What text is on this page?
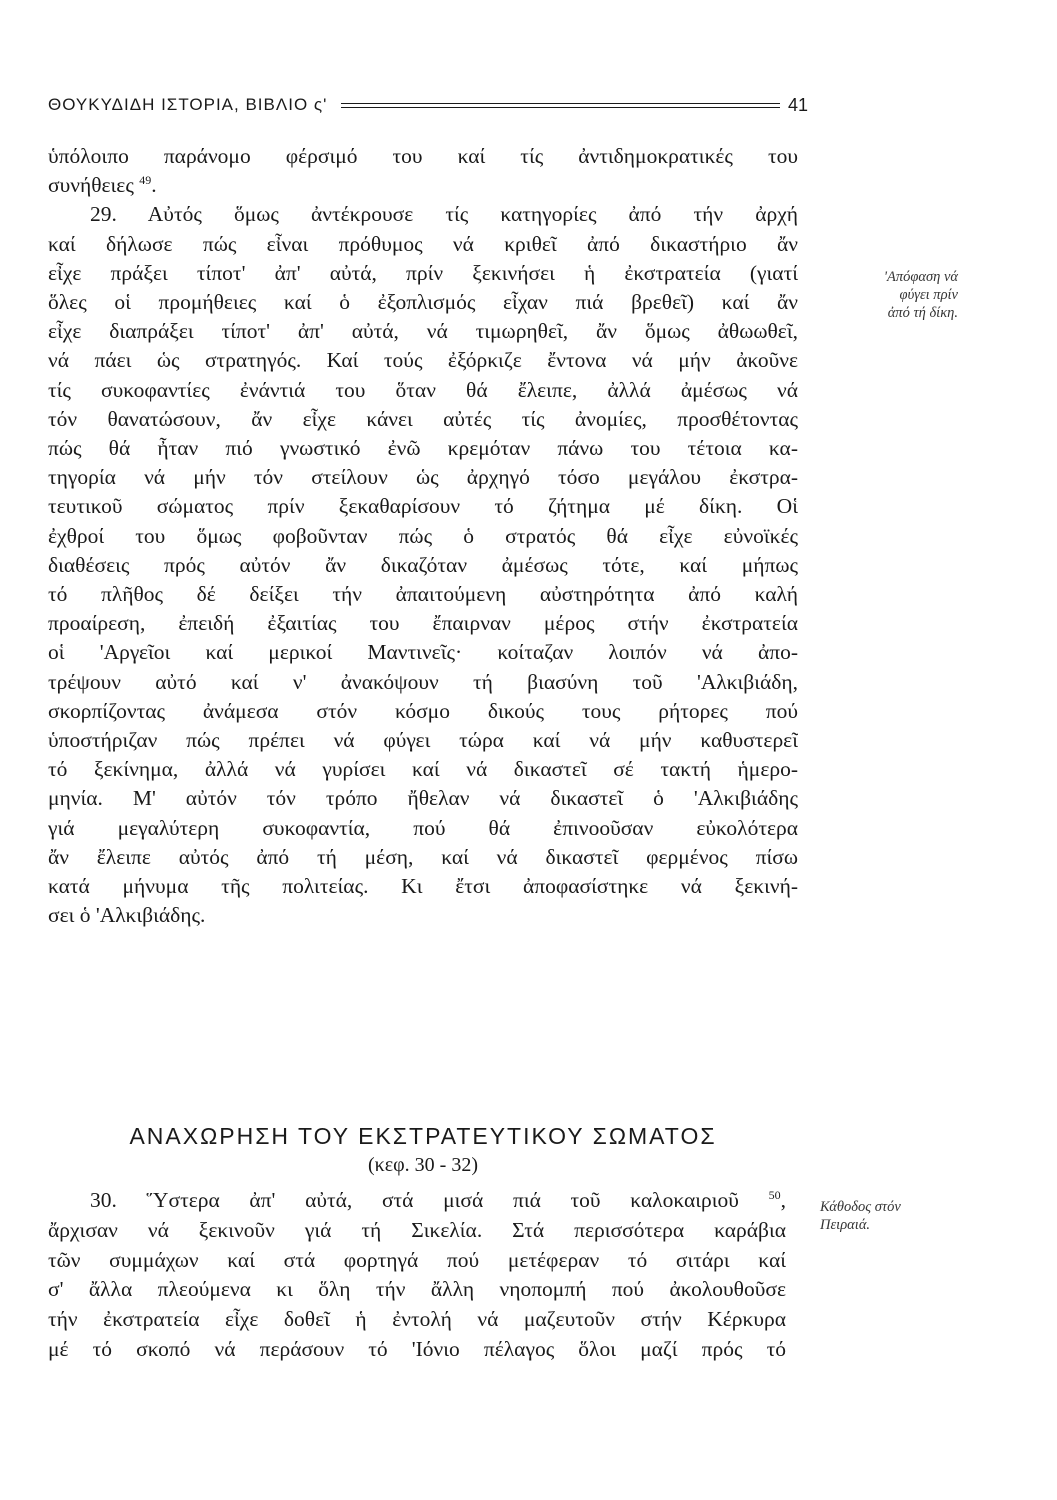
ΘΟΥΚΥΔΙΔΗ ΙΣΤΟΡΙΑ, ΒΙΒΛΙΟ ς'	41
ὑπόλοιπο παράνομο φέρσιμό του καί τίς ἀντιδημοκρατικές του
συνήθειες $^{49}$.
29. Αὐτός ὅμως ἀντέκρουσε τίς κατηγορίες ἀπό τήν ἀρχή
καί δήλωσε πώς εἶναι πρόθυμος νά κριθεῖ ἀπό δικαστήριο ἄν
εἶχε πράξει τίποτ' ἀπ' αὐτά, πρίν ξεκινήσει ἡ ἐκστρατεία (γιατί
ὅλες οἱ προμήθειες καί ὁ ἐξοπλισμός εἶχαν πιά βρεθεῖ) καί ἄν
εἶχε διαπράξει τίποτ' ἀπ' αὐτά, νά τιμωρηθεῖ, ἄν ὅμως ἀθωωθεῖ,
νά πάει ὡς στρατηγός. Καί τούς ἐξόρκιζε ἔντονα νά μήν ἀκοῦνε
τίς συκοφαντίες ἐνάντιά του ὅταν θά ἔλειπε, ἀλλά ἀμέσως νά
τόν θανατώσουν, ἄν εἶχε κάνει αὐτές τίς ἀνομίες, προσθέτοντας
πώς θά ἦταν πιό γνωστικό ἐνῶ κρεμόταν πάνω του τέτοια κα-
τηγορία νά μήν τόν στείλουν ὡς ἀρχηγό τόσο μεγάλου ἐκστρα-
τευτικοῦ σώματος πρίν ξεκαθαρίσουν τό ζήτημα μέ δίκη. Οἱ
ἐχθροί του ὅμως φοβοῦνταν πώς ὁ στρατός θά εἶχε εὐνοϊκές
διαθέσεις πρός αὐτόν ἄν δικαζόταν ἀμέσως τότε, καί μήπως
τό πλῆθος δέ δείξει τήν ἀπαιτούμενη αὐστηρότητα ἀπό καλή
προαίρεση, ἐπειδή ἐξαιτίας του ἔπαιρναν μέρος στήν ἐκστρατεία
οἱ 'Αργεῖοι καί μερικοί Μαντινεῖς· κοίταζαν λοιπόν νά ἀπο-
τρέψουν αὐτό καί ν' ἀνακόψουν τή βιασύνη τοῦ 'Αλκιβιάδη,
σκορπίζοντας ἀνάμεσα στόν κόσμο δικούς τους ρήτορες πού
ὑποστήριζαν πώς πρέπει νά φύγει τώρα καί νά μήν καθυστερεῖ
τό ξεκίνημα, ἀλλά νά γυρίσει καί νά δικαστεῖ σέ τακτή ἡμερο-
μηνία. Μ' αὐτόν τόν τρόπο ἤθελαν νά δικαστεῖ ὁ 'Αλκιβιάδης
γιά μεγαλύτερη συκοφαντία, πού θά ἐπινοοῦσαν εὐκολότερα
ἄν ἔλειπε αὐτός ἀπό τή μέση, καί νά δικαστεῖ φερμένος πίσω
κατά μήνυμα τῆς πολιτείας. Κι ἔτσι ἀποφασίστηκε νά ξεκινή-
σει ὁ 'Αλκιβιάδης.
'Απόφαση νά
φύγει πρίν
ἀπό τή δίκη.
ΑΝΑΧΩΡΗΣΗ ΤΟΥ ΕΚΣΤΡΑΤΕΥΤΙΚΟΥ ΣΩΜΑΤΟΣ
(κεφ. 30 - 32)
30. Ὕστερα ἀπ' αὐτά, στά μισά πιά τοῦ καλοκαιριοῦ $^{50}$,
ἄρχισαν νά ξεκινοῦν γιά τή Σικελία. Στά περισσότερα καράβια
τῶν συμμάχων καί στά φορτηγά πού μετέφεραν τό σιτάρι καί
σ' ἄλλα πλεούμενα κι ὅλη τήν ἄλλη νηοπομπή πού ἀκολουθοῦσε
τήν ἐκστρατεία εἶχε δοθεῖ ἡ ἐντολή νά μαζευτοῦν στήν Κέρκυρα
μέ τό σκοπό νά περάσουν τό 'Ιόνιο πέλαγος ὅλοι μαζί πρός τό
Κάθοδος στόν
Πειραιά.
